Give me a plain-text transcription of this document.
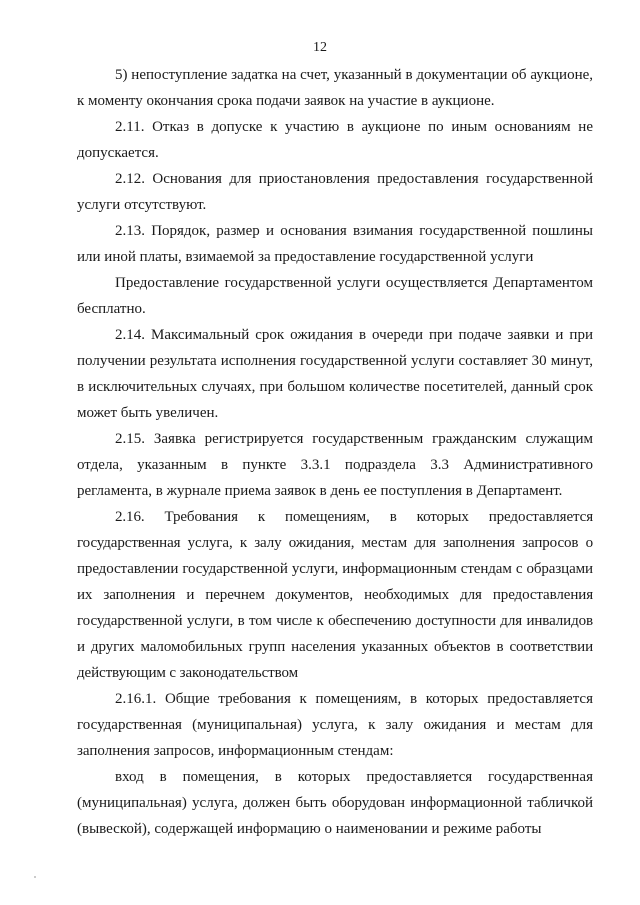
12

5) непоступление задатка на счет, указанный в документации об аукционе, к моменту окончания срока подачи заявок на участие в аукционе.

2.11. Отказ в допуске к участию в аукционе по иным основаниям не допускается.

2.12. Основания для приостановления предоставления государственной услуги отсутствуют.

2.13. Порядок, размер и основания взимания государственной пошлины или иной платы, взимаемой за предоставление государственной услуги

Предоставление государственной услуги осуществляется Департаментом бесплатно.

2.14. Максимальный срок ожидания в очереди при подаче заявки и при получении результата исполнения государственной услуги составляет 30 минут, в исключительных случаях, при большом количестве посетителей, данный срок может быть увеличен.

2.15. Заявка регистрируется государственным гражданским служащим отдела, указанным в пункте 3.3.1 подраздела 3.3 Административного регламента, в журнале приема заявок в день ее поступления в Департамент.

2.16. Требования к помещениям, в которых предоставляется государственная услуга, к залу ожидания, местам для заполнения запросов о предоставлении государственной услуги, информационным стендам с образцами их заполнения и перечнем документов, необходимых для предоставления государственной услуги, в том числе к обеспечению доступности для инвалидов и других маломобильных групп населения указанных объектов в соответствии действующим с законодательством

2.16.1. Общие требования к помещениям, в которых предоставляется государственная (муниципальная) услуга, к залу ожидания и местам для заполнения запросов, информационным стендам:

вход в помещения, в которых предоставляется государственная (муниципальная) услуга, должен быть оборудован информационной табличкой (вывеской), содержащей информацию о наименовании и режиме работы
